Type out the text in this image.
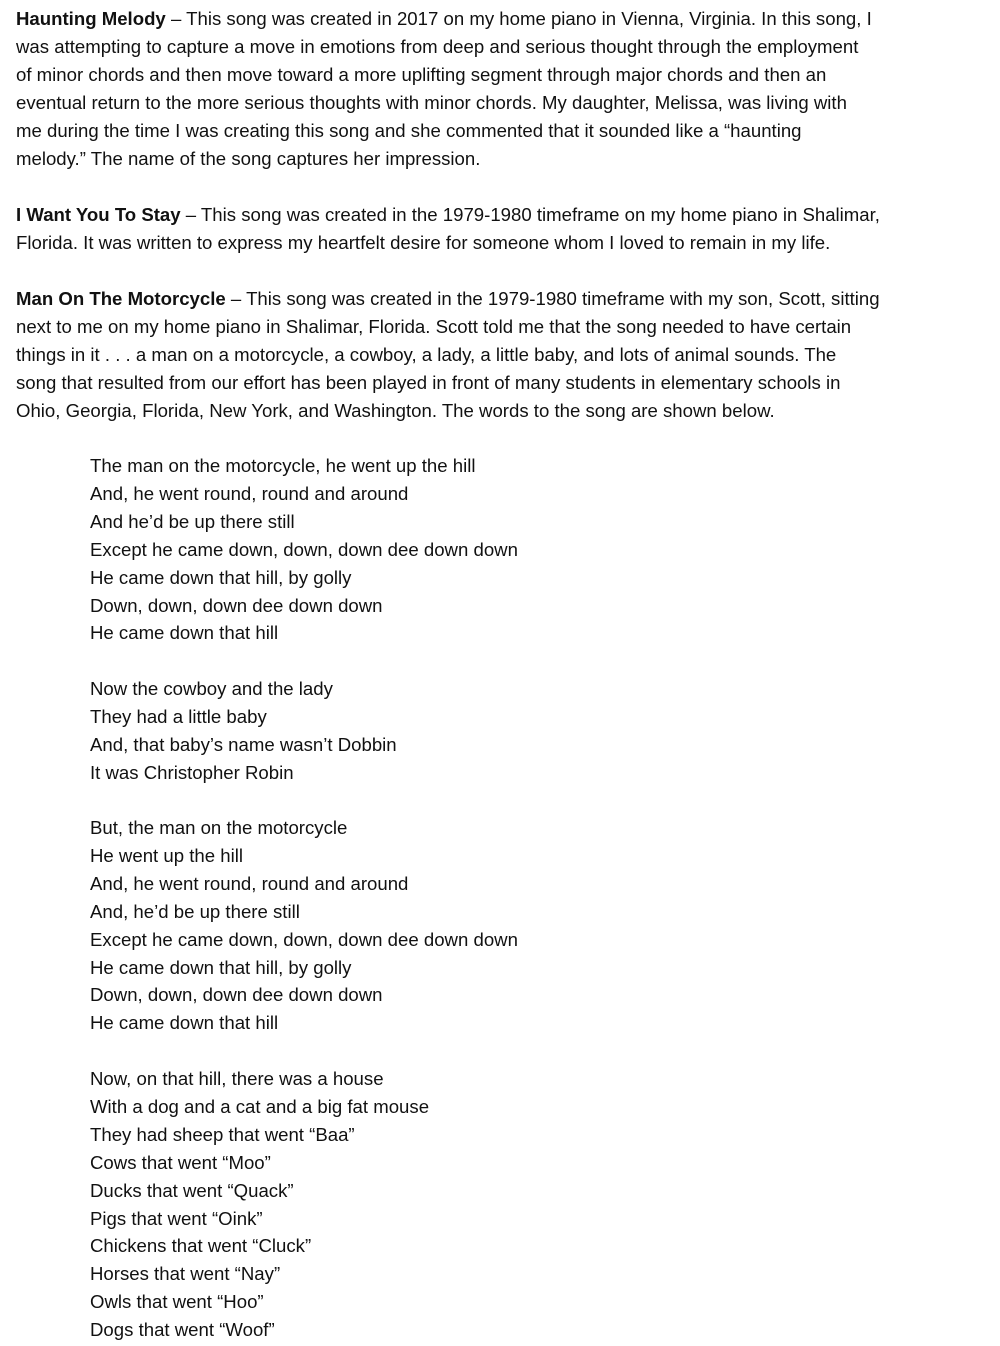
Haunting Melody – This song was created in 2017 on my home piano in Vienna, Virginia. In this song, I
was attempting to capture a move in emotions from deep and serious thought through the employment
of minor chords and then move toward a more uplifting segment through major chords and then an
eventual return to the more serious thoughts with minor chords. My daughter, Melissa, was living with
me during the time I was creating this song and she commented that it sounded like a “haunting
melody.” The name of the song captures her impression.

I Want You To Stay – This song was created in the 1979-1980 timeframe on my home piano in Shalimar,
Florida. It was written to express my heartfelt desire for someone whom I loved to remain in my life.

Man On The Motorcycle – This song was created in the 1979-1980 timeframe with my son, Scott, sitting
next to me on my home piano in Shalimar, Florida. Scott told me that the song needed to have certain
things in it . . . a man on a motorcycle, a cowboy, a lady, a little baby, and lots of animal sounds. The
song that resulted from our effort has been played in front of many students in elementary schools in
Ohio, Georgia, Florida, New York, and Washington. The words to the song are shown below.

The man on the motorcycle, he went up the hill
And, he went round, round and around
And he’d be up there still
Except he came down, down, down dee down down
He came down that hill, by golly
Down, down, down dee down down
He came down that hill
Now the cowboy and the lady
They had a little baby
And, that baby’s name wasn’t Dobbin
It was Christopher Robin
But, the man on the motorcycle
He went up the hill
And, he went round, round and around
And, he’d be up there still
Except he came down, down, down dee down down
He came down that hill, by golly
Down, down, down dee down down
He came down that hill
Now, on that hill, there was a house
With a dog and a cat and a big fat mouse
They had sheep that went “Baa”
Cows that went “Moo”
Ducks that went “Quack”
Pigs that went “Oink”
Chickens that went “Cluck”
Horses that went “Nay”
Owls that went “Hoo”
Dogs that went “Woof”
